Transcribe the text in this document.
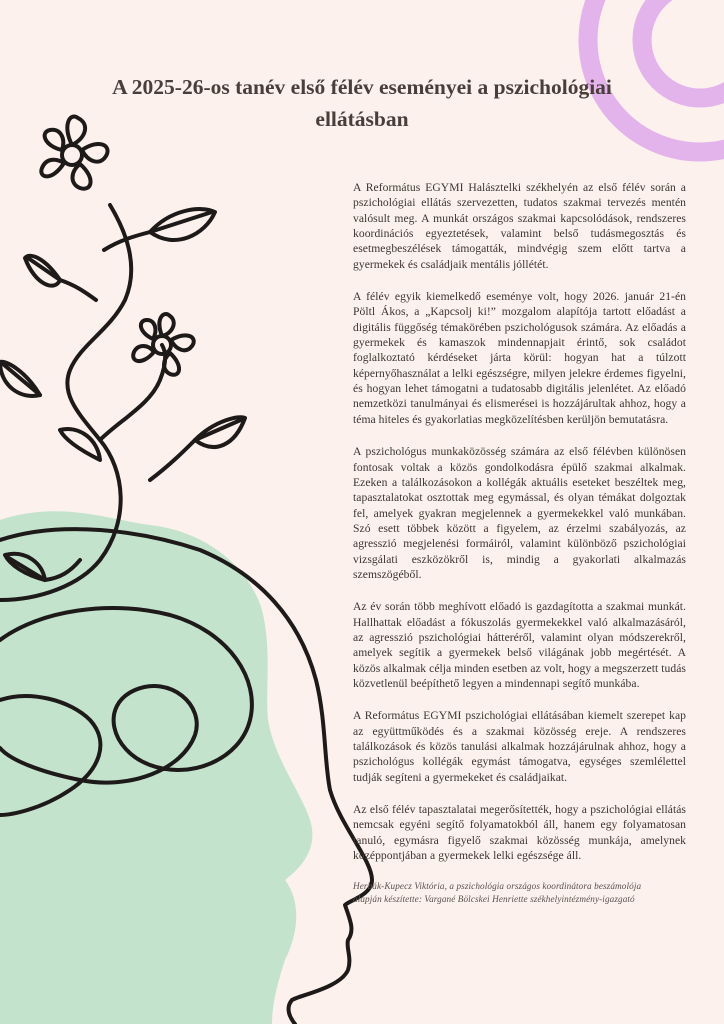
A 2025-26-os tanév első félév eseményei a pszichológiai ellátásban

A Református EGYMI Halásztelki székhelyén az első félév során a pszichológiai ellátás szervezetten, tudatos szakmai tervezés mentén valósult meg. A munkát országos szakmai kapcsolódások, rendszeres koordinációs egyeztetések, valamint belső tudásmegosztás és esetmegbeszélések támogatták, mindvégig szem előtt tartva a gyermekek és családjaik mentális jóllétét.

A félév egyik kiemelkedő eseménye volt, hogy 2026. január 21-én Pöltl Ákos, a „Kapcsolj ki!” mozgalom alapítója tartott előadást a digitális függőség témakörében pszichológusok számára. Az előadás a gyermekek és kamaszok mindennapjait érintő, sok családot foglalkoztató kérdéseket járta körül: hogyan hat a túlzott képernyőhasználat a lelki egészségre, milyen jelekre érdemes figyelni, és hogyan lehet támogatni a tudatosabb digitális jelenlétet. Az előadó nemzetközi tanulmányai és elismerései is hozzájárultak ahhoz, hogy a téma hiteles és gyakorlatias megközelítésben kerüljön bemutatásra.

A pszichológus munkaközösség számára az első félévben különösen fontosak voltak a közös gondolkodásra épülő szakmai alkalmak. Ezeken a találkozásokon a kollégák aktuális eseteket beszéltek meg, tapasztalatokat osztottak meg egymással, és olyan témákat dolgoztak fel, amelyek gyakran megjelennek a gyermekekkel való munkában. Szó esett többek között a figyelem, az érzelmi szabályozás, az agresszió megjelenési formáiról, valamint különböző pszichológiai vizsgálati eszközökről is, mindig a gyakorlati alkalmazás szemszögéből.

Az év során több meghívott előadó is gazdagította a szakmai munkát. Hallhattak előadást a fókuszolás gyermekekkel való alkalmazásáról, az agresszió pszichológiai hátteréről, valamint olyan módszerekről, amelyek segítik a gyermekek belső világának jobb megértését. A közös alkalmak célja minden esetben az volt, hogy a megszerzett tudás közvetlenül beépíthető legyen a mindennapi segítő munkába.

A Református EGYMI pszichológiai ellátásában kiemelt szerepet kap az együttműködés és a szakmai közösség ereje. A rendszeres találkozások és közös tanulási alkalmak hozzájárulnak ahhoz, hogy a pszichológus kollégák egymást támogatva, egységes szemlélettel tudják segíteni a gyermekeket és családjaikat.

Az első félév tapasztalatai megerősítették, hogy a pszichológiai ellátás nemcsak egyéni segítő folyamatokból áll, hanem egy folyamatosan tanuló, egymásra figyelő szakmai közösség munkája, amelynek középpontjában a gyermekek lelki egészsége áll.

Herbák-Kupecz Viktória, a pszichológia országos koordinátora beszámolója
alapján készítette: Vargané Bölcskei Henriette székhelyintézmény-igazgató
